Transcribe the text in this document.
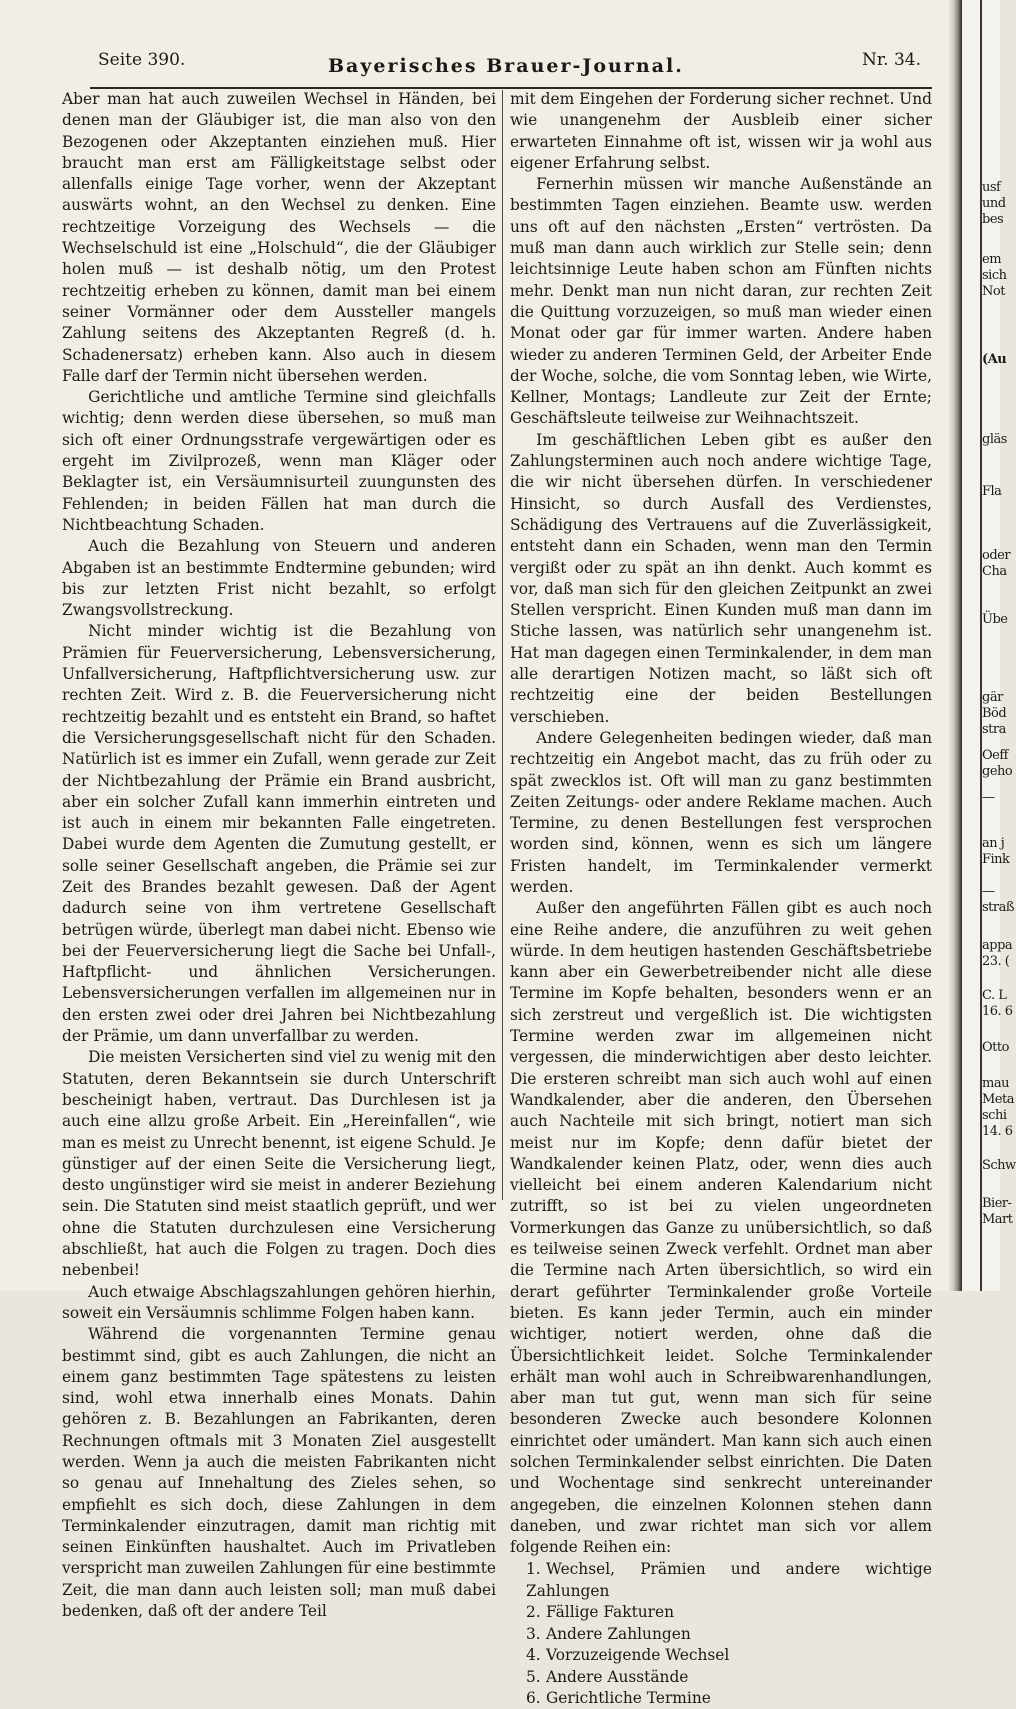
Seite 390.	Bayerisches Brauer-Journal.	Nr. 34.

Aber man hat auch zuweilen Wechsel in Händen, bei denen man der Gläubiger ist, die man also von den Bezogenen oder Akzeptanten einziehen muß. Hier braucht man erst am Fälligkeitstage selbst oder allenfalls einige Tage vorher, wenn der Akzeptant auswärts wohnt, an den Wechsel zu denken. Eine rechtzeitige Vorzeigung des Wechsels — die Wechselschuld ist eine „Holschuld“, die der Gläubiger holen muß — ist deshalb nötig, um den Protest rechtzeitig erheben zu können, damit man bei einem seiner Vormänner oder dem Aussteller mangels Zahlung seitens des Akzeptanten Regreß (d. h. Schadenersatz) erheben kann. Also auch in diesem Falle darf der Termin nicht übersehen werden.

Gerichtliche und amtliche Termine sind gleichfalls wichtig; denn werden diese übersehen, so muß man sich oft einer Ordnungsstrafe vergewärtigen oder es ergeht im Zivilprozeß, wenn man Kläger oder Beklagter ist, ein Versäumnisurteil zuungunsten des Fehlenden; in beiden Fällen hat man durch die Nichtbeachtung Schaden.

Auch die Bezahlung von Steuern und anderen Abgaben ist an bestimmte Endtermine gebunden; wird bis zur letzten Frist nicht bezahlt, so erfolgt Zwangsvollstreckung.

Nicht minder wichtig ist die Bezahlung von Prämien für Feuerversicherung, Lebensversicherung, Unfallversicherung, Haftpflichtversicherung usw. zur rechten Zeit. Wird z. B. die Feuerversicherung nicht rechtzeitig bezahlt und es entsteht ein Brand, so haftet die Versicherungsgesellschaft nicht für den Schaden. Natürlich ist es immer ein Zufall, wenn gerade zur Zeit der Nichtbezahlung der Prämie ein Brand ausbricht, aber ein solcher Zufall kann immerhin eintreten und ist auch in einem mir bekannten Falle eingetreten. Dabei wurde dem Agenten die Zumutung gestellt, er solle seiner Gesellschaft angeben, die Prämie sei zur Zeit des Brandes bezahlt gewesen. Daß der Agent dadurch seine von ihm vertretene Gesellschaft betrügen würde, überlegt man dabei nicht. Ebenso wie bei der Feuerversicherung liegt die Sache bei Unfall-, Haftpflicht- und ähnlichen Versicherungen. Lebensversicherungen verfallen im allgemeinen nur in den ersten zwei oder drei Jahren bei Nichtbezahlung der Prämie, um dann unverfallbar zu werden.

Die meisten Versicherten sind viel zu wenig mit den Statuten, deren Bekanntsein sie durch Unterschrift bescheinigt haben, vertraut. Das Durchlesen ist ja auch eine allzu große Arbeit. Ein „Hereinfallen“, wie man es meist zu Unrecht benennt, ist eigene Schuld. Je günstiger auf der einen Seite die Versicherung liegt, desto ungünstiger wird sie meist in anderer Beziehung sein. Die Statuten sind meist staatlich geprüft, und wer ohne die Statuten durchzulesen eine Versicherung abschließt, hat auch die Folgen zu tragen. Doch dies nebenbei!

Auch etwaige Abschlagszahlungen gehören hierhin, soweit ein Versäumnis schlimme Folgen haben kann.

Während die vorgenannten Termine genau bestimmt sind, gibt es auch Zahlungen, die nicht an einem ganz bestimmten Tage spätestens zu leisten sind, wohl etwa innerhalb eines Monats. Dahin gehören z. B. Bezahlungen an Fabrikanten, deren Rechnungen oftmals mit 3 Monaten Ziel ausgestellt werden. Wenn ja auch die meisten Fabrikanten nicht so genau auf Innehaltung des Zieles sehen, so empfiehlt es sich doch, diese Zahlungen in dem Terminkalender einzutragen, damit man richtig mit seinen Einkünften haushaltet. Auch im Privatleben verspricht man zuweilen Zahlungen für eine bestimmte Zeit, die man dann auch leisten soll; man muß dabei bedenken, daß oft der andere Teil

mit dem Eingehen der Forderung sicher rechnet. Und wie unangenehm der Ausbleib einer sicher erwarteten Einnahme oft ist, wissen wir ja wohl aus eigener Erfahrung selbst.

Fernerhin müssen wir manche Außenstände an bestimmten Tagen einziehen. Beamte usw. werden uns oft auf den nächsten „Ersten“ vertrösten. Da muß man dann auch wirklich zur Stelle sein; denn leichtsinnige Leute haben schon am Fünften nichts mehr. Denkt man nun nicht daran, zur rechten Zeit die Quittung vorzuzeigen, so muß man wieder einen Monat oder gar für immer warten. Andere haben wieder zu anderen Terminen Geld, der Arbeiter Ende der Woche, solche, die vom Sonntag leben, wie Wirte, Kellner, Montags; Landleute zur Zeit der Ernte; Geschäftsleute teilweise zur Weihnachtszeit.

Im geschäftlichen Leben gibt es außer den Zahlungsterminen auch noch andere wichtige Tage, die wir nicht übersehen dürfen. In verschiedener Hinsicht, so durch Ausfall des Verdienstes, Schädigung des Vertrauens auf die Zuverlässigkeit, entsteht dann ein Schaden, wenn man den Termin vergißt oder zu spät an ihn denkt. Auch kommt es vor, daß man sich für den gleichen Zeitpunkt an zwei Stellen verspricht. Einen Kunden muß man dann im Stiche lassen, was natürlich sehr unangenehm ist. Hat man dagegen einen Terminkalender, in dem man alle derartigen Notizen macht, so läßt sich oft rechtzeitig eine der beiden Bestellungen verschieben.

Andere Gelegenheiten bedingen wieder, daß man rechtzeitig ein Angebot macht, das zu früh oder zu spät zwecklos ist. Oft will man zu ganz bestimmten Zeiten Zeitungs- oder andere Reklame machen. Auch Termine, zu denen Bestellungen fest versprochen worden sind, können, wenn es sich um längere Fristen handelt, im Terminkalender vermerkt werden.

Außer den angeführten Fällen gibt es auch noch eine Reihe andere, die anzuführen zu weit gehen würde. In dem heutigen hastenden Geschäftsbetriebe kann aber ein Gewerbetreibender nicht alle diese Termine im Kopfe behalten, besonders wenn er an sich zerstreut und vergeßlich ist. Die wichtigsten Termine werden zwar im allgemeinen nicht vergessen, die minderwichtigen aber desto leichter. Die ersteren schreibt man sich auch wohl auf einen Wandkalender, aber die anderen, den Übersehen auch Nachteile mit sich bringt, notiert man sich meist nur im Kopfe; denn dafür bietet der Wandkalender keinen Platz, oder, wenn dies auch vielleicht bei einem anderen Kalendarium nicht zutrifft, so ist bei zu vielen ungeordneten Vormerkungen das Ganze zu unübersichtlich, so daß es teilweise seinen Zweck verfehlt. Ordnet man aber die Termine nach Arten übersichtlich, so wird ein derart geführter Terminkalender große Vorteile bieten. Es kann jeder Termin, auch ein minder wichtiger, notiert werden, ohne daß die Übersichtlichkeit leidet. Solche Terminkalender erhält man wohl auch in Schreibwarenhandlungen, aber man tut gut, wenn man sich für seine besonderen Zwecke auch besondere Kolonnen einrichtet oder umändert. Man kann sich auch einen solchen Terminkalender selbst einrichten. Die Daten und Wochentage sind senkrecht untereinander angegeben, die einzelnen Kolonnen stehen dann daneben, und zwar richtet man sich vor allem folgende Reihen ein:

1. Wechsel, Prämien und andere wichtige Zahlungen
2. Fällige Fakturen
3. Andere Zahlungen
4. Vorzuzeigende Wechsel
5. Andere Ausstände
6. Gerichtliche Termine
usf
und
bes
em
sich
Not
(Au
gläs
Fla
oder
Cha
Übe
gär
Böd
stra
Oeff
geho
—
an j
Fink
—
straß
appa
23. (
C. L
16. 6
Otto
mau
Meta
schi
14. 6
Schw
Bier-
Mart
